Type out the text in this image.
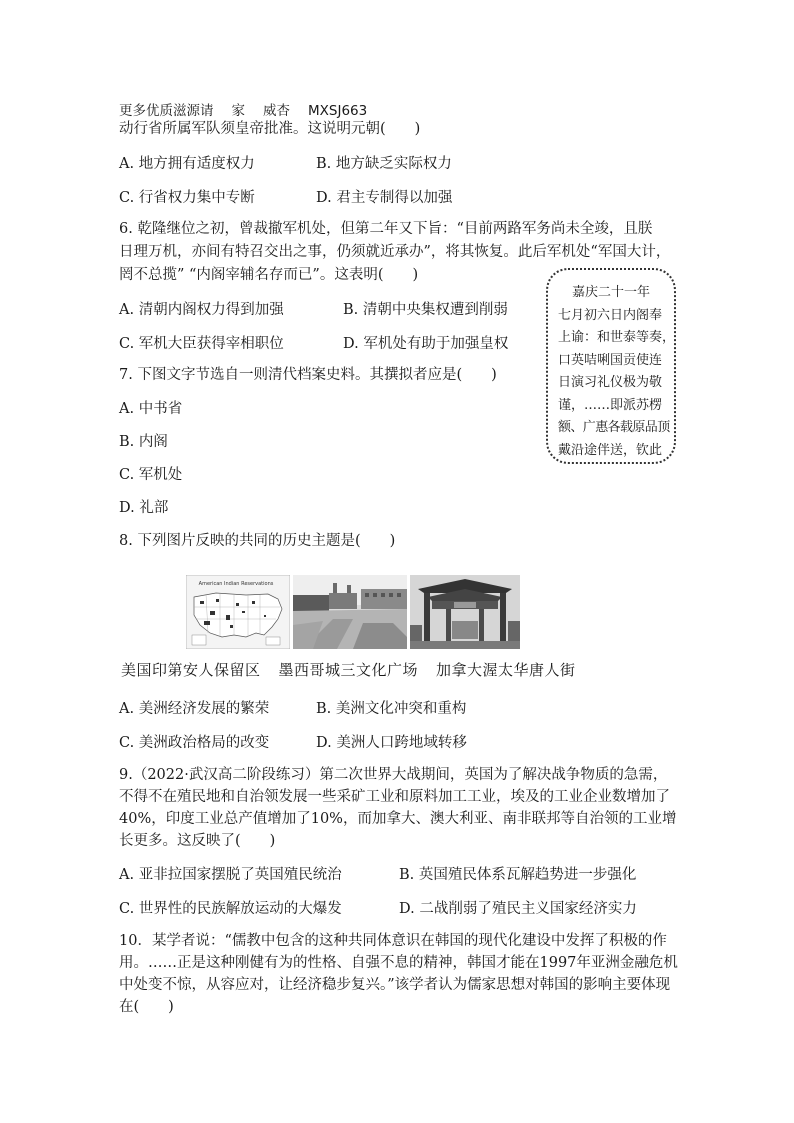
更多优质滋源请 家 威杏 MXSJ663
动行省所属军队须皇帝批准。这说明元朝(　　)
A. 地方拥有适度权力	B. 地方缺乏实际权力
C. 行省权力集中专断	D. 君主专制得以加强
6. 乾隆继位之初，曾裁撤军机处，但第二年又下旨：“目前两路军务尚未全竣，且朕
日理万机，亦间有特召交出之事，仍须就近承办”，将其恢复。此后军机处“军国大计，
罔不总揽” “内阁宰辅名存而已”。这表明(　　)
A. 清朝内阁权力得到加强	B. 清朝中央集权遭到削弱
C. 军机大臣获得宰相职位	D. 军机处有助于加强皇权
嘉庆二十一年
七月初六日内阁奉
上谕：和世泰等奏，
口英咭唎国贡使连
日演习礼仪极为敬
谨，……即派苏楞
额、广惠各载原品顶
戴沿途伴送，钦此
7. 下图文字节选自一则清代档案史料。其撰拟者应是(　　)
A. 中书省
B. 内阁
C. 军机处
D. 礼部
8. 下列图片反映的共同的历史主题是(　　)
American Indian Reservations
美国印第安人保留区 墨西哥城三文化广场 加拿大渥太华唐人街
A. 美洲经济发展的繁荣	B. 美洲文化冲突和重构
C. 美洲政治格局的改变	D. 美洲人口跨地域转移
9.（2022·武汉高二阶段练习）第二次世界大战期间，英国为了解决战争物质的急需，不得不在殖民地和自治领发展一些采矿工业和原料加工工业，埃及的工业企业数增加了40%，印度工业总产值增加了10%，而加拿大、澳大利亚、南非联邦等自治领的工业增长更多。这反映了(　　)
A. 亚非拉国家摆脱了英国殖民统治	B. 英国殖民体系瓦解趋势进一步强化
C. 世界性的民族解放运动的大爆发	D. 二战削弱了殖民主义国家经济实力
10．某学者说：“儒教中包含的这种共同体意识在韩国的现代化建设中发挥了积极的作用。……正是这种刚健有为的性格、自强不息的精神，韩国才能在1997年亚洲金融危机中处变不惊，从容应对，让经济稳步复兴。”该学者认为儒家思想对韩国的影响主要体现在(　　)
